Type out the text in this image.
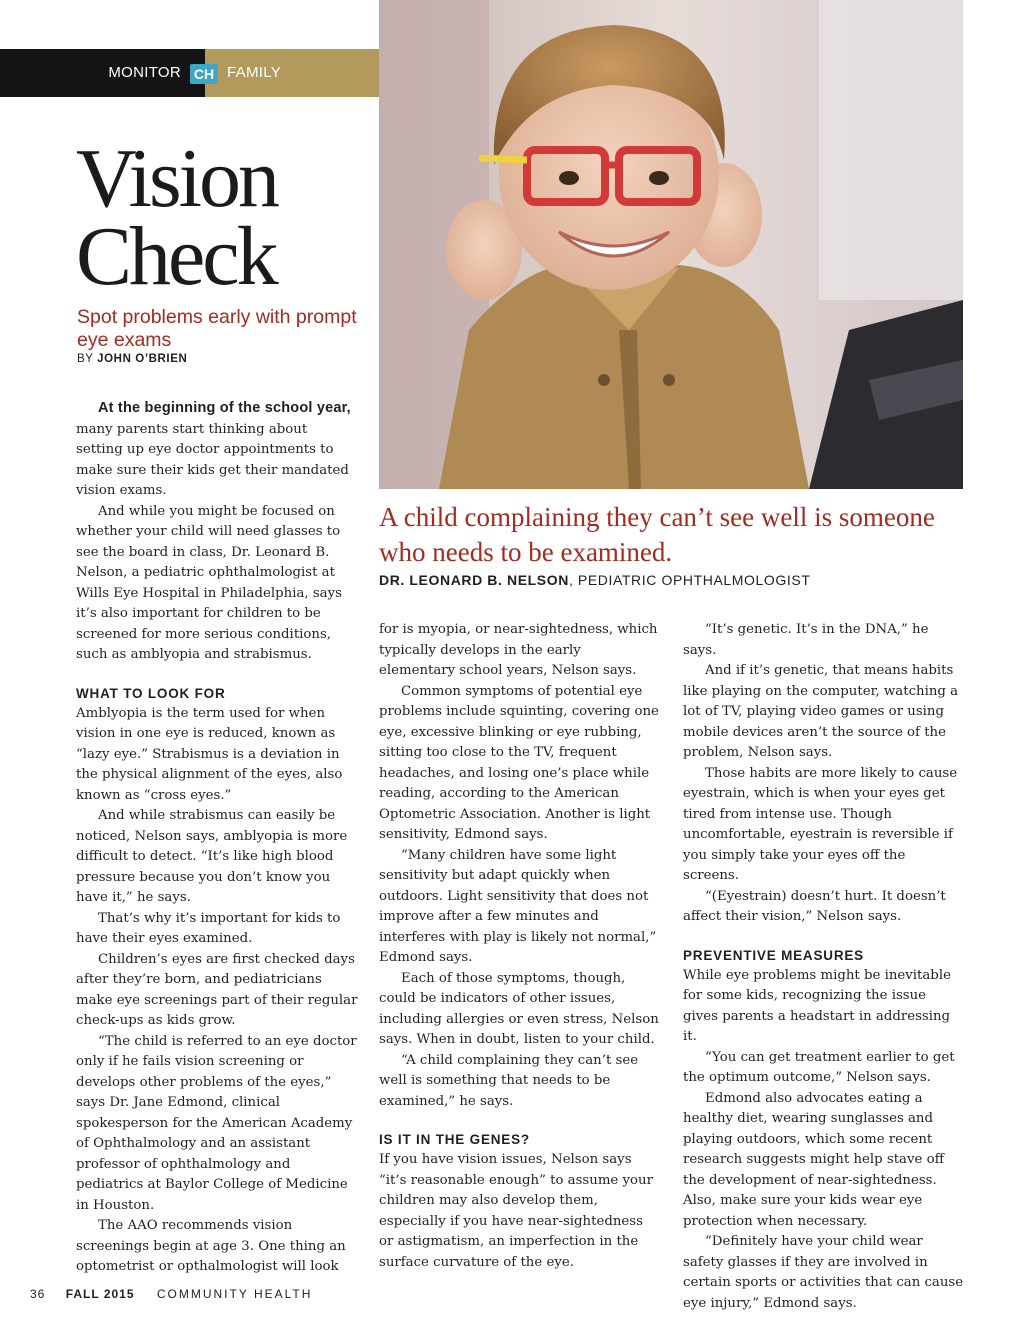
MONITOR	FAMILY
CH
Vision
Check
Spot problems early with prompt eye exams
BY JOHN O’BRIEN
A child complaining they can’t see well is someone who needs to be examined.
DR. LEONARD B. NELSON, PEDIATRIC OPHTHALMOLOGIST

At the beginning of the school year, many parents start thinking about setting up eye doctor appointments to make sure their kids get their mandated vision exams.

And while you might be focused on whether your child will need glasses to see the board in class, Dr. Leonard B. Nelson, a pediatric ophthalmologist at Wills Eye Hospital in Philadelphia, says it’s also important for children to be screened for more serious conditions, such as amblyopia and strabismus.

WHAT TO LOOK FOR

Amblyopia is the term used for when vision in one eye is reduced, known as “lazy eye.” Strabismus is a deviation in the physical alignment of the eyes, also known as “cross eyes.”

And while strabismus can easily be noticed, Nelson says, amblyopia is more difficult to detect. “It’s like high blood pressure because you don’t know you have it,” he says.

That’s why it’s important for kids to have their eyes examined.

Children’s eyes are first checked days after they’re born, and pediatricians make eye screenings part of their regular check-ups as kids grow.

“The child is referred to an eye doctor only if he fails vision screening or develops other problems of the eyes,” says Dr. Jane Edmond, clinical spokesperson for the American Academy of Ophthalmology and an assistant professor of ophthalmology and pediatrics at Baylor College of Medicine in Houston.

The AAO recommends vision screenings begin at age 3. One thing an optometrist or opthalmologist will look

for is myopia, or near-sightedness, which typically develops in the early elementary school years, Nelson says.

Common symptoms of potential eye problems include squinting, covering one eye, excessive blinking or eye rubbing, sitting too close to the TV, frequent headaches, and losing one’s place while reading, according to the American Optometric Association. Another is light sensitivity, Edmond says.

“Many children have some light sensitivity but adapt quickly when outdoors. Light sensitivity that does not improve after a few minutes and interferes with play is likely not normal,” Edmond says.

Each of those symptoms, though, could be indicators of other issues, including allergies or even stress, Nelson says. When in doubt, listen to your child.

“A child complaining they can’t see well is something that needs to be examined,” he says.

IS IT IN THE GENES?

If you have vision issues, Nelson says “it’s reasonable enough” to assume your children may also develop them, especially if you have near-sightedness or astigmatism, an imperfection in the surface curvature of the eye.

“It’s genetic. It’s in the DNA,” he says.

And if it’s genetic, that means habits like playing on the computer, watching a lot of TV, playing video games or using mobile devices aren’t the source of the problem, Nelson says.

Those habits are more likely to cause eyestrain, which is when your eyes get tired from intense use. Though uncomfortable, eyestrain is reversible if you simply take your eyes off the screens.

“(Eyestrain) doesn’t hurt. It doesn’t affect their vision,” Nelson says.

PREVENTIVE MEASURES

While eye problems might be inevitable for some kids, recognizing the issue gives parents a headstart in addressing it.

“You can get treatment earlier to get the optimum outcome,” Nelson says.

Edmond also advocates eating a healthy diet, wearing sunglasses and playing outdoors, which some recent research suggests might help stave off the development of near-sightedness. Also, make sure your kids wear eye protection when necessary.

“Definitely have your child wear safety glasses if they are involved in certain sports or activities that can cause eye injury,” Edmond says.

36 FALL 2015 COMMUNITY HEALTH
